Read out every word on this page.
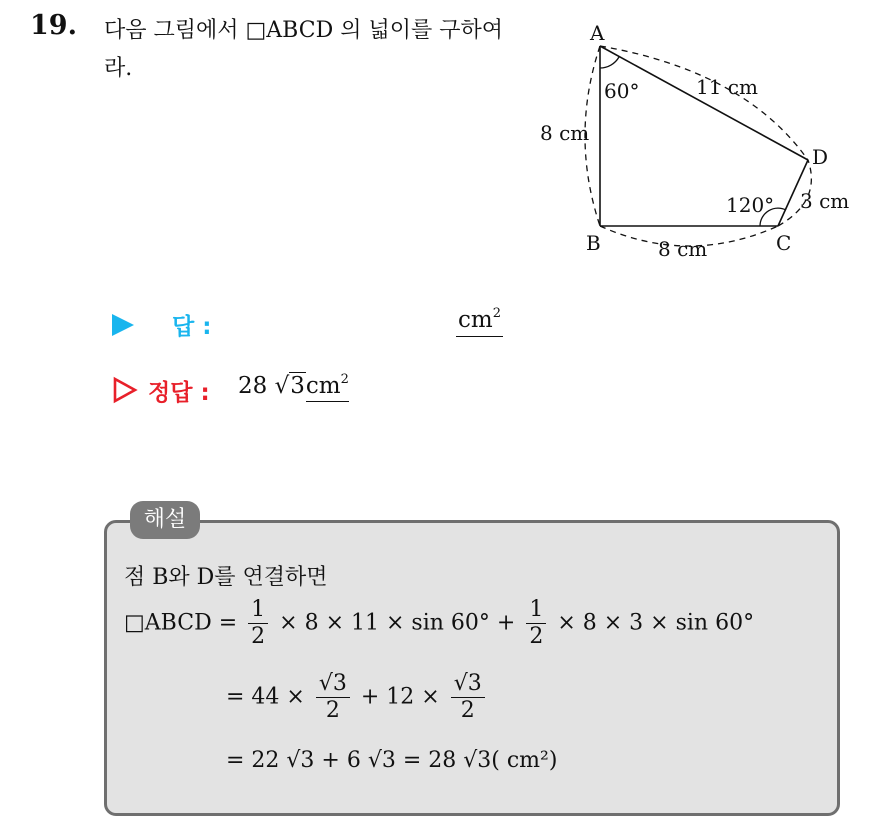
19. 다음 그림에서 □ABCD 의 넓이를 구하여라.
A
B	C
D
60°
120°
8 cm
11 cm
8 cm
3 cm
답 :	$cm^2$
정답 : 28 $√3cm^2$
해설
점 B와 D를 연결하면
□ABCD = $\frac{1}{2} \times 8 \times 11 \times \sin 60^\circ + \frac{1}{2} \times 8 \times 3 \times \sin 60^\circ$
= $44 \times \frac{√3}{2} + 12 \times \frac{√3}{2}$
= 22 √3 + 6 √3 = 28 √3( cm²)
